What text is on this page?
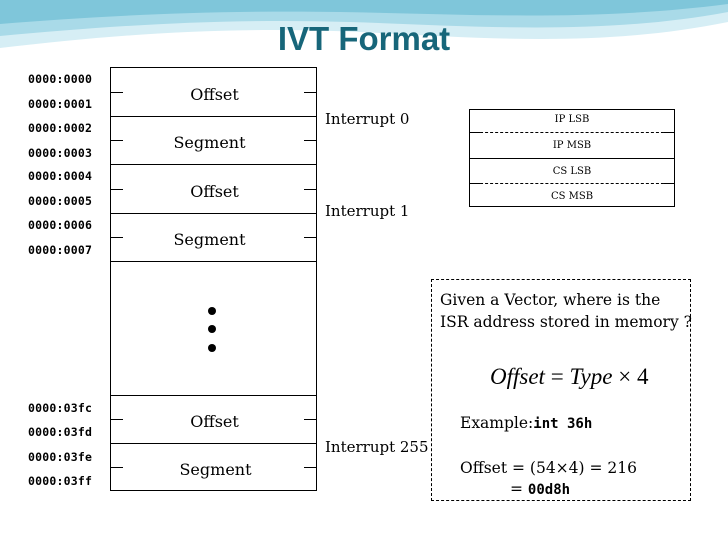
IVT Format
0000:0000
0000:0001
0000:0002
0000:0003
0000:0004
0000:0005
0000:0006
0000:0007
0000:03fc
0000:03fd
0000:03fe
0000:03ff
Offset
Segment
Offset
Segment
Offset
Segment
Interrupt 0
Interrupt 1
Interrupt 255
IP LSB
IP MSB
CS LSB
CS MSB
Given a Vector, where is the
ISR address stored in memory ?
Offset = Type × 4
Example:int 36h
Offset = (54×4) = 216
= 00d8h
